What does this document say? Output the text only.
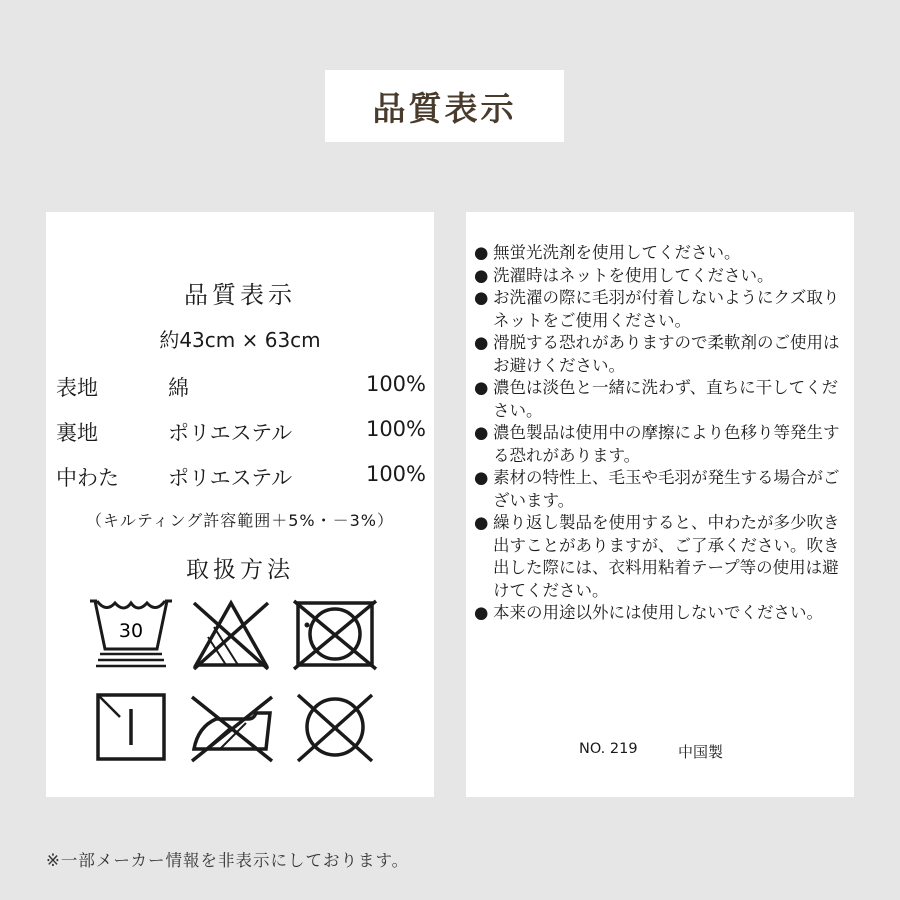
品質表示
品質表示
約43cm × 63cm
表地	綿	100%
裏地	ポリエステル	100%
中わた ポリエステル	100%
（キルティング許容範囲＋5%・－3%）
取扱方法
30
● 無蛍光洗剤を使用してください。
● 洗濯時はネットを使用してください。
● お洗濯の際に毛羽が付着しないようにクズ取りネットをご使用ください。
● 滑脱する恐れがありますので柔軟剤のご使用はお避けください。
● 濃色は淡色と一緒に洗わず、直ちに干してください。
● 濃色製品は使用中の摩擦により色移り等発生する恐れがあります。
● 素材の特性上、毛玉や毛羽が発生する場合がございます。
● 繰り返し製品を使用すると、中わたが多少吹き出すことがありますが、ご了承ください。吹き出した際には、衣料用粘着テープ等の使用は避けてください。
● 本来の用途以外には使用しないでください。
NO. 219	中国製
※一部メーカー情報を非表示にしております。
